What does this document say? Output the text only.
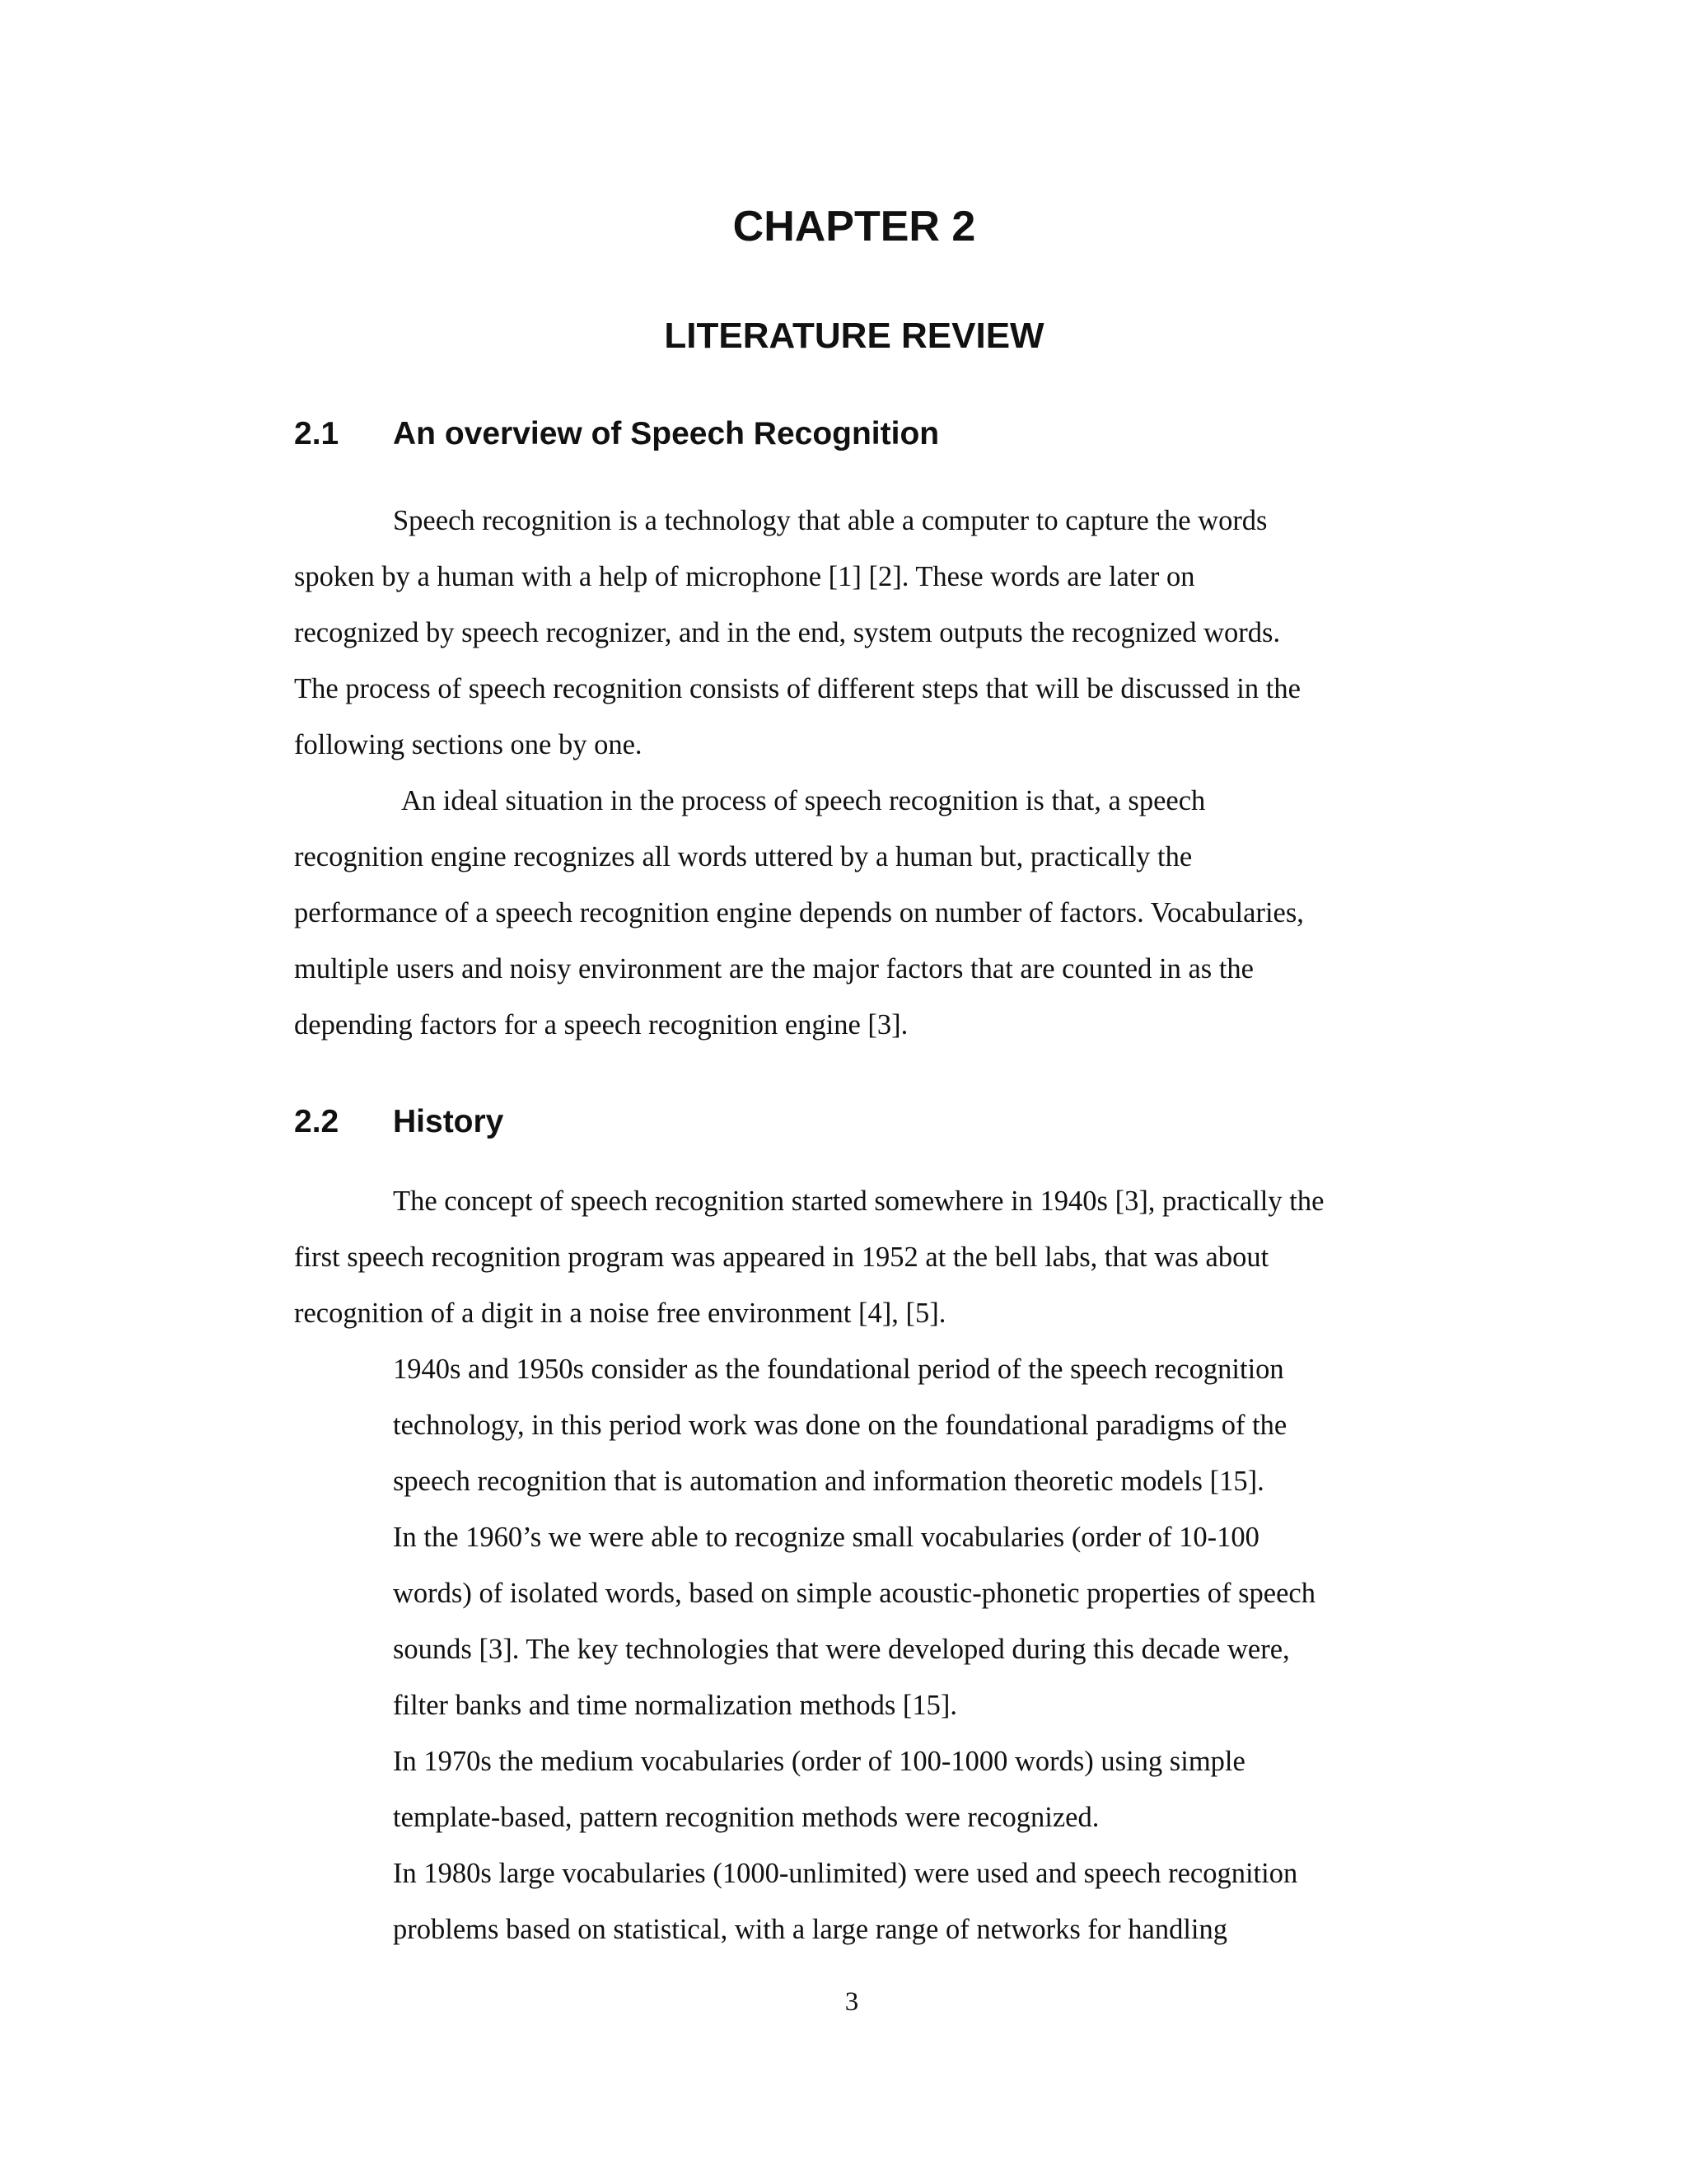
CHAPTER 2
LITERATURE REVIEW
2.1 An overview of Speech Recognition

Speech recognition is a technology that able a computer to capture the words

spoken by a human with a help of microphone [1] [2]. These words are later on

recognized by speech recognizer, and in the end, system outputs the recognized words.

The process of speech recognition consists of different steps that will be discussed in the

following sections one by one.

An ideal situation in the process of speech recognition is that, a speech

recognition engine recognizes all words uttered by a human but, practically the

performance of a speech recognition engine depends on number of factors. Vocabularies,

multiple users and noisy environment are the major factors that are counted in as the

depending factors for a speech recognition engine [3].

2.2 History

The concept of speech recognition started somewhere in 1940s [3], practically the

first speech recognition program was appeared in 1952 at the bell labs, that was about

recognition of a digit in a noise free environment [4], [5].

1940s and 1950s consider as the foundational period of the speech recognition

technology, in this period work was done on the foundational paradigms of the

speech recognition that is automation and information theoretic models [15].

In the 1960’s we were able to recognize small vocabularies (order of 10-100

words) of isolated words, based on simple acoustic-phonetic properties of speech

sounds [3]. The key technologies that were developed during this decade were,

filter banks and time normalization methods [15].

In 1970s the medium vocabularies (order of 100-1000 words) using simple

template-based, pattern recognition methods were recognized.

In 1980s large vocabularies (1000-unlimited) were used and speech recognition

problems based on statistical, with a large range of networks for handling

3
